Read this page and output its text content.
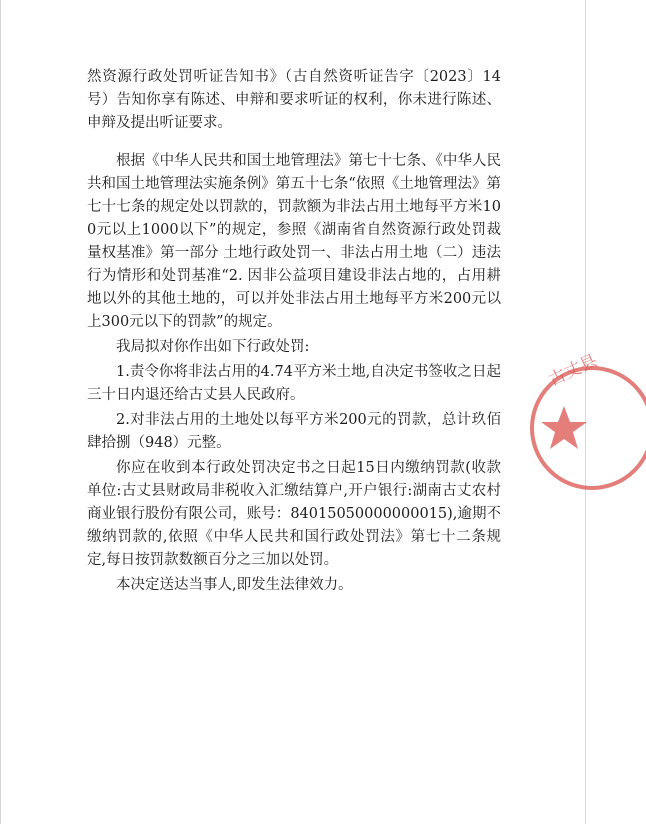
然资源行政处罚听证告知书》（古自然资听证告字〔2023〕14号）告知你享有陈述、申辩和要求听证的权利，你未进行陈述、申辩及提出听证要求。

根据《中华人民共和国土地管理法》第七十七条、《中华人民共和国土地管理法实施条例》第五十七条“依照《土地管理法》第七十七条的规定处以罚款的，罚款额为非法占用土地每平方米100元以上1000以下”的规定，参照《湖南省自然资源行政处罚裁量权基准》第一部分 土地行政处罚一、非法占用土地（二）违法行为情形和处罚基准“2. 因非公益项目建设非法占地的，占用耕地以外的其他土地的，可以并处非法占用土地每平方米200元以上300元以下的罚款”的规定。

我局拟对你作出如下行政处罚:

1.责令你将非法占用的4.74平方米土地,自决定书签收之日起三十日内退还给古丈县人民政府。

2.对非法占用的土地处以每平方米200元的罚款，总计玖佰肆拾捌（948）元整。

你应在收到本行政处罚决定书之日起15日内缴纳罚款(收款单位:古丈县财政局非税收入汇缴结算户,开户银行:湖南古丈农村商业银行股份有限公司，账号：84015050000000015),逾期不缴纳罚款的,依照《中华人民共和国行政处罚法》第七十二条规定,每日按罚款数额百分之三加以处罚。

本决定送达当事人,即发生法律效力。

古丈县
